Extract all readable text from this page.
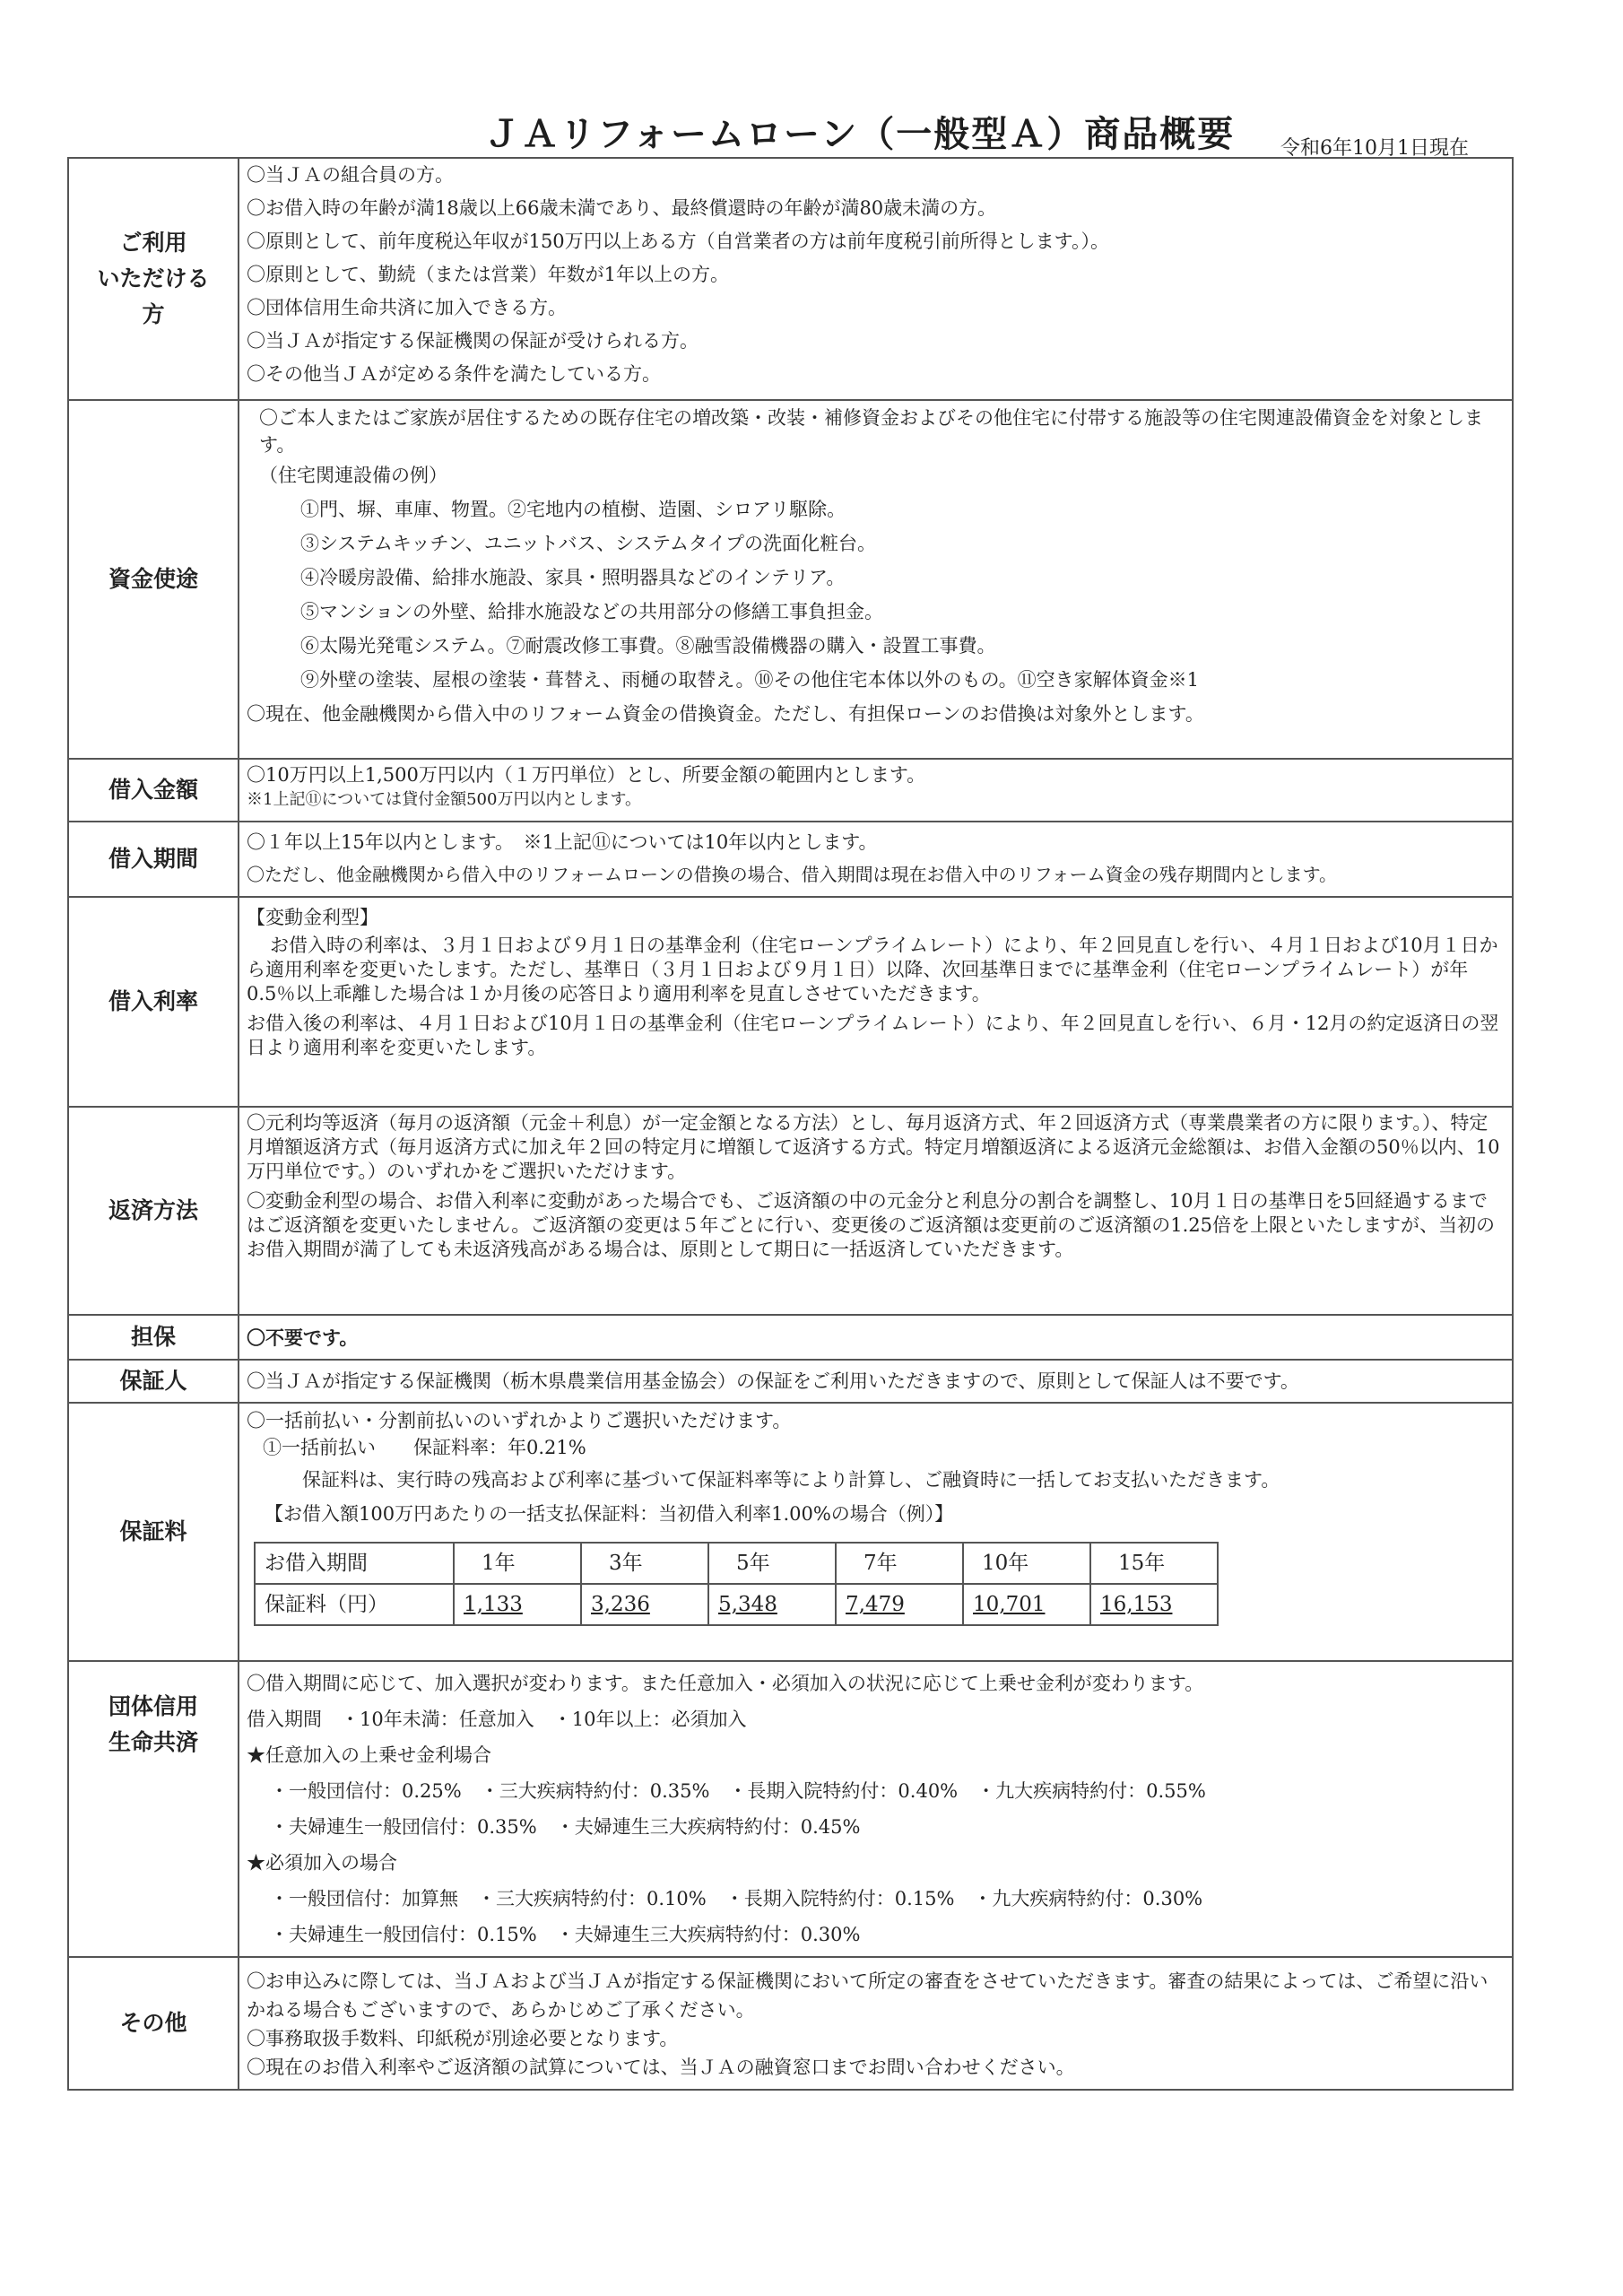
ＪＡリフォームローン（一般型Ａ）商品概要 令和6年10月1日現在
ご利用
いただける
方

〇当ＪＡの組合員の方。
〇お借入時の年齢が満18歳以上66歳未満であり、最終償還時の年齢が満80歳未満の方。
〇原則として、前年度税込年収が150万円以上ある方（自営業者の方は前年度税引前所得とします。）。
〇原則として、勤続（または営業）年数が1年以上の方。
〇団体信用生命共済に加入できる方。
〇当ＪＡが指定する保証機関の保証が受けられる方。
〇その他当ＪＡが定める条件を満たしている方。

資金使途	
〇ご本人またはご家族が居住するための既存住宅の増改築・改装・補修資金およびその他住宅に付帯する施設等の住宅関連設備資金を対象とします。
（住宅関連設備の例）
①門、塀、車庫、物置。②宅地内の植樹、造園、シロアリ駆除。
③システムキッチン、ユニットバス、システムタイプの洗面化粧台。
④冷暖房設備、給排水施設、家具・照明器具などのインテリア。
⑤マンションの外壁、給排水施設などの共用部分の修繕工事負担金。
⑥太陽光発電システム。⑦耐震改修工事費。⑧融雪設備機器の購入・設置工事費。
⑨外壁の塗装、屋根の塗装・葺替え、雨樋の取替え。⑩その他住宅本体以外のもの。⑪空き家解体資金※1
〇現在、他金融機関から借入中のリフォーム資金の借換資金。ただし、有担保ローンのお借換は対象外とします。

借入金額	
〇10万円以上1,500万円以内（１万円単位）とし、所要金額の範囲内とします。
※1上記⑪については貸付金額500万円以内とします。

借入期間	
〇１年以上15年以内とします。　※1上記⑪については10年以内とします。
〇ただし、他金融機関から借入中のリフォームローンの借換の場合、借入期間は現在お借入中のリフォーム資金の残存期間内とします。

借入利率	
【変動金利型】
お借入時の利率は、３月１日および９月１日の基準金利（住宅ローンプライムレート）により、年２回見直しを行い、４月１日および10月１日から適用利率を変更いたします。ただし、基準日（３月１日および９月１日）以降、次回基準日までに基準金利（住宅ローンプライムレート）が年0.5％以上乖離した場合は１か月後の応答日より適用利率を見直しさせていただきます。
お借入後の利率は、４月１日および10月１日の基準金利（住宅ローンプライムレート）により、年２回見直しを行い、６月・12月の約定返済日の翌日より適用利率を変更いたします。

返済方法	
〇元利均等返済（毎月の返済額（元金＋利息）が一定金額となる方法）とし、毎月返済方式、年２回返済方式（専業農業者の方に限ります。）、特定月増額返済方式（毎月返済方式に加え年２回の特定月に増額して返済する方式。特定月増額返済による返済元金総額は、お借入金額の50％以内、10万円単位です。）のいずれかをご選択いただけます。
〇変動金利型の場合、お借入利率に変動があった場合でも、ご返済額の中の元金分と利息分の割合を調整し、10月１日の基準日を5回経過するまではご返済額を変更いたしません。ご返済額の変更は５年ごとに行い、変更後のご返済額は変更前のご返済額の1.25倍を上限といたしますが、当初のお借入期間が満了しても未返済残高がある場合は、原則として期日に一括返済していただきます。

担保	〇不要です。
保証人	〇当ＪＡが指定する保証機関（栃木県農業信用基金協会）の保証をご利用いただきますので、原則として保証人は不要です。
保証料	
〇一括前払い・分割前払いのいずれかよりご選択いただけます。
①一括前払い　　保証料率：年0.21%
保証料は、実行時の残高および利率に基づいて保証料率等により計算し、ご融資時に一括してお支払いただきます。
【お借入額100万円あたりの一括支払保証料：当初借入利率1.00%の場合（例）】
お借入期間	1年	3年	5年	7年	10年	15年
保証料（円）	1,133	3,236	5,348	7,479	10,701	16,153

団体信用
生命共済

〇借入期間に応じて、加入選択が変わります。また任意加入・必須加入の状況に応じて上乗せ金利が変わります。
借入期間　・10年未満：任意加入　・10年以上：必須加入
★任意加入の上乗せ金利場合
・一般団信付：0.25%　・三大疾病特約付：0.35%　・長期入院特約付：0.40%　・九大疾病特約付：0.55%
・夫婦連生一般団信付：0.35%　・夫婦連生三大疾病特約付：0.45%
★必須加入の場合
・一般団信付：加算無　・三大疾病特約付：0.10%　・長期入院特約付：0.15%　・九大疾病特約付：0.30%
・夫婦連生一般団信付：0.15%　・夫婦連生三大疾病特約付：0.30%

その他	
〇お申込みに際しては、当ＪＡおよび当ＪＡが指定する保証機関において所定の審査をさせていただきます。審査の結果によっては、ご希望に沿いかねる場合もございますので、あらかじめご了承ください。
〇事務取扱手数料、印紙税が別途必要となります。
〇現在のお借入利率やご返済額の試算については、当ＪＡの融資窓口までお問い合わせください。
